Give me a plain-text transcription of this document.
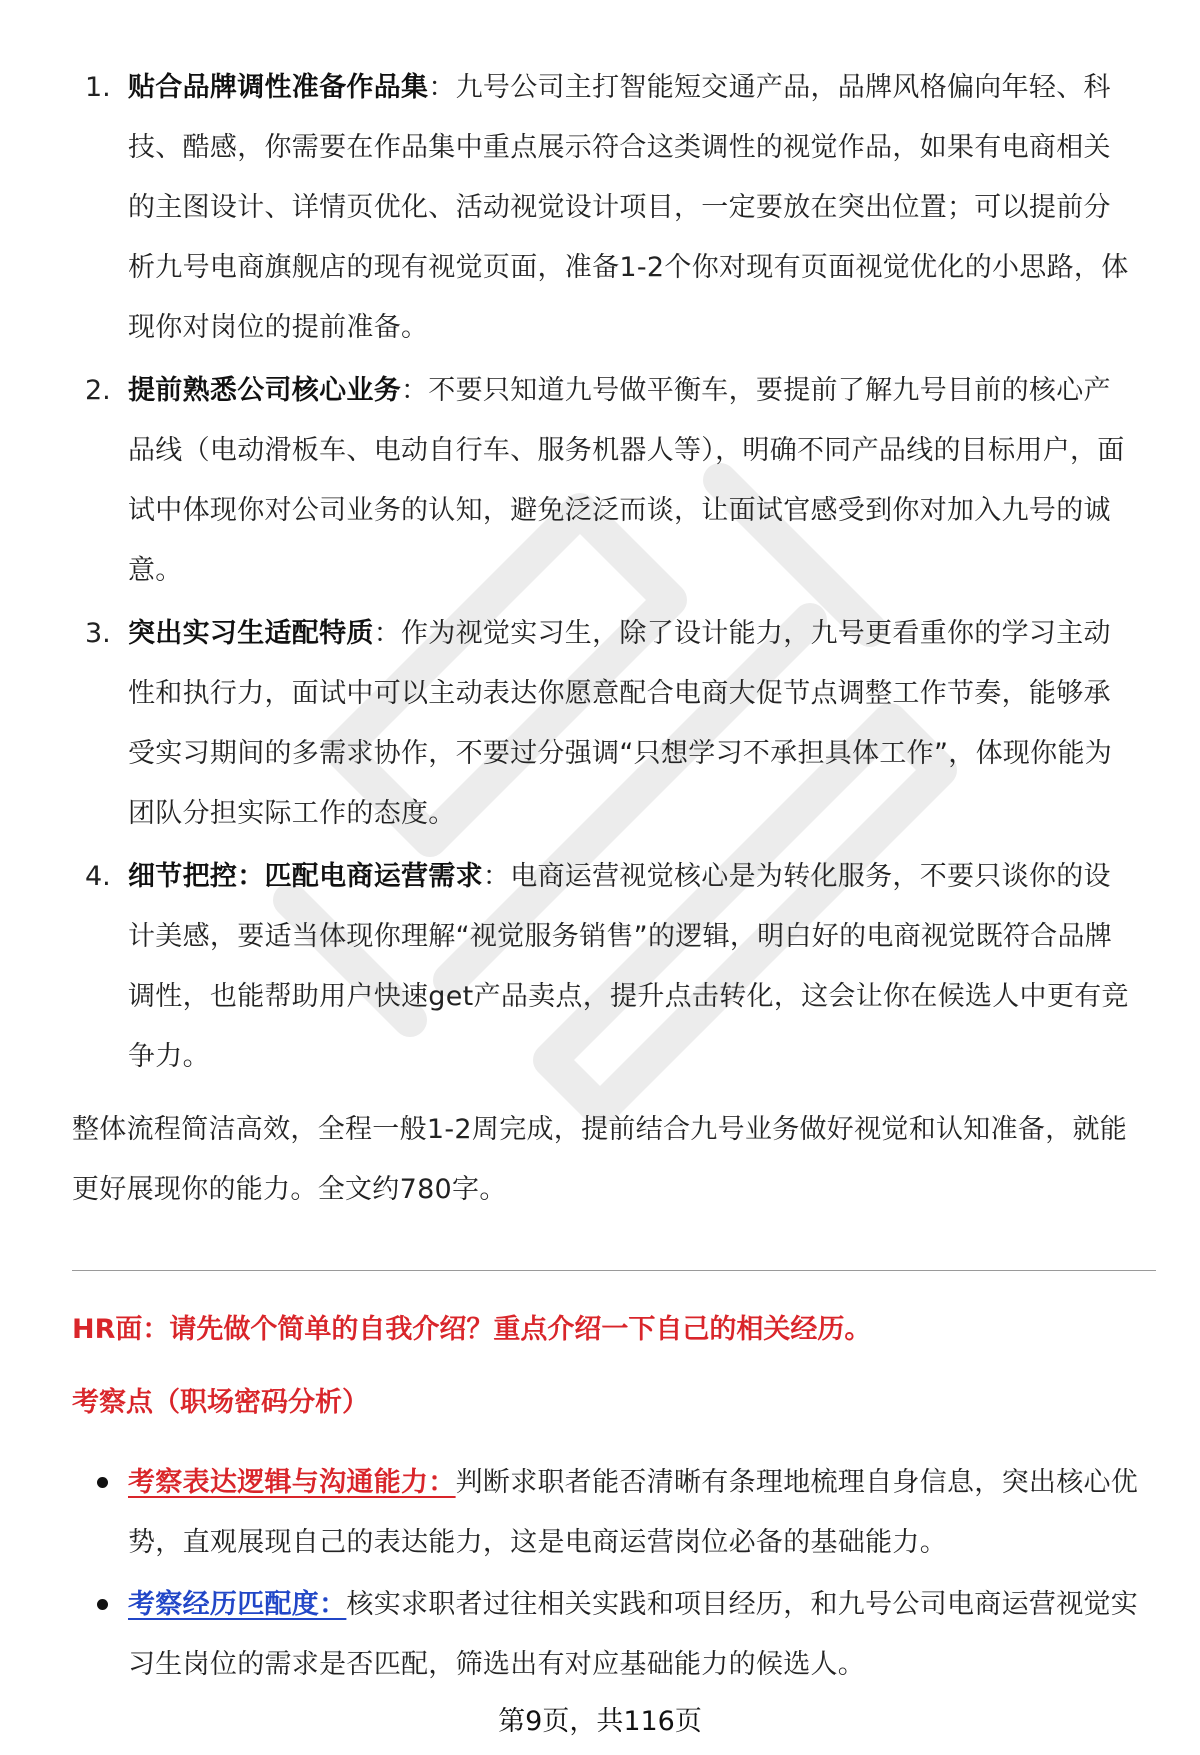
1. 贴合品牌调性准备作品集：九号公司主打智能短交通产品，品牌风格偏向年轻、科技、酷感，你需要在作品集中重点展示符合这类调性的视觉作品，如果有电商相关的主图设计、详情页优化、活动视觉设计项目，一定要放在突出位置；可以提前分析九号电商旗舰店的现有视觉页面，准备1-2个你对现有页面视觉优化的小思路，体现你对岗位的提前准备。
2. 提前熟悉公司核心业务：不要只知道九号做平衡车，要提前了解九号目前的核心产品线（电动滑板车、电动自行车、服务机器人等），明确不同产品线的目标用户，面试中体现你对公司业务的认知，避免泛泛而谈，让面试官感受到你对加入九号的诚意。
3. 突出实习生适配特质：作为视觉实习生，除了设计能力，九号更看重你的学习主动性和执行力，面试中可以主动表达你愿意配合电商大促节点调整工作节奏，能够承受实习期间的多需求协作，不要过分强调“只想学习不承担具体工作”，体现你能为团队分担实际工作的态度。
4. 细节把控：匹配电商运营需求：电商运营视觉核心是为转化服务，不要只谈你的设计美感，要适当体现你理解“视觉服务销售”的逻辑，明白好的电商视觉既符合品牌调性，也能帮助用户快速get产品卖点，提升点击转化，这会让你在候选人中更有竞争力。

整体流程简洁高效，全程一般1-2周完成，提前结合九号业务做好视觉和认知准备，就能更好展现你的能力。全文约780字。

HR面：请先做个简单的自我介绍？重点介绍一下自己的相关经历。
考察点（职场密码分析）
考察表达逻辑与沟通能力：判断求职者能否清晰有条理地梳理自身信息，突出核心优势，直观展现自己的表达能力，这是电商运营岗位必备的基础能力。
考察经历匹配度：核实求职者过往相关实践和项目经历，和九号公司电商运营视觉实习生岗位的需求是否匹配，筛选出有对应基础能力的候选人。
第9页，共116页
